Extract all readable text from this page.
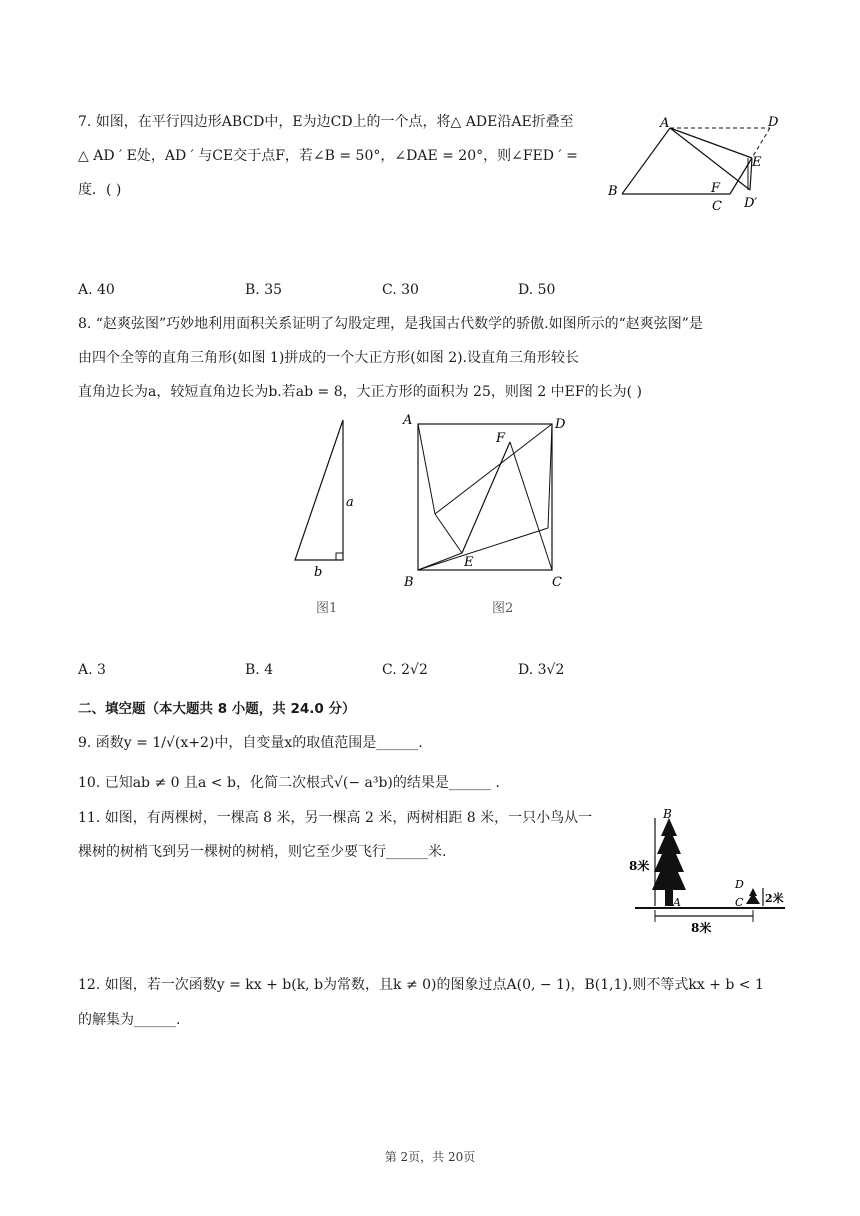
7. 如图，在平行四边形ABCD中，E为边CD上的一个点，将△ ADE沿AE折叠至
△ AD ′ E处，AD ′ 与CE交于点F，若∠B = 50°，∠DAE = 20°，则∠FED ′ =
度．( )
A	D
E
B	F
C D′
A. 40	B. 35	C. 30	D. 50
8. “赵爽弦图”巧妙地利用面积关系证明了勾股定理，是我国古代数学的骄傲.如图所示的“赵爽弦图”是
由四个全等的直角三角形(如图 1)拼成的一个大正方形(如图 2).设直角三角形较长
直角边长为a，较短直角边长为b.若ab = 8，大正方形的面积为 25，则图 2 中EF的长为( )
a
b
图1
A	D
F
E
B	C
图2
A. 3	B. 4	C. 2√2	D. 3√2
二、填空题（本大题共 8 小题，共 24.0 分）
9. 函数y = 1/√(x+2)中，自变量x的取值范围是______.
10. 已知ab ≠ 0 且a < b，化简二次根式√(− a³b)的结果是______ .
11. 如图，有两棵树，一棵高 8 米，另一棵高 2 米，两树相距 8 米，一只小鸟从一
棵树的树梢飞到另一棵树的树梢，则它至少要飞行______米.
B
8米
A
D
C 2米
8米
12. 如图，若一次函数y = kx + b(k, b为常数，且k ≠ 0)的图象过点A(0, − 1)，B(1,1).则不等式kx + b < 1
的解集为______.
第 2页，共 20页
